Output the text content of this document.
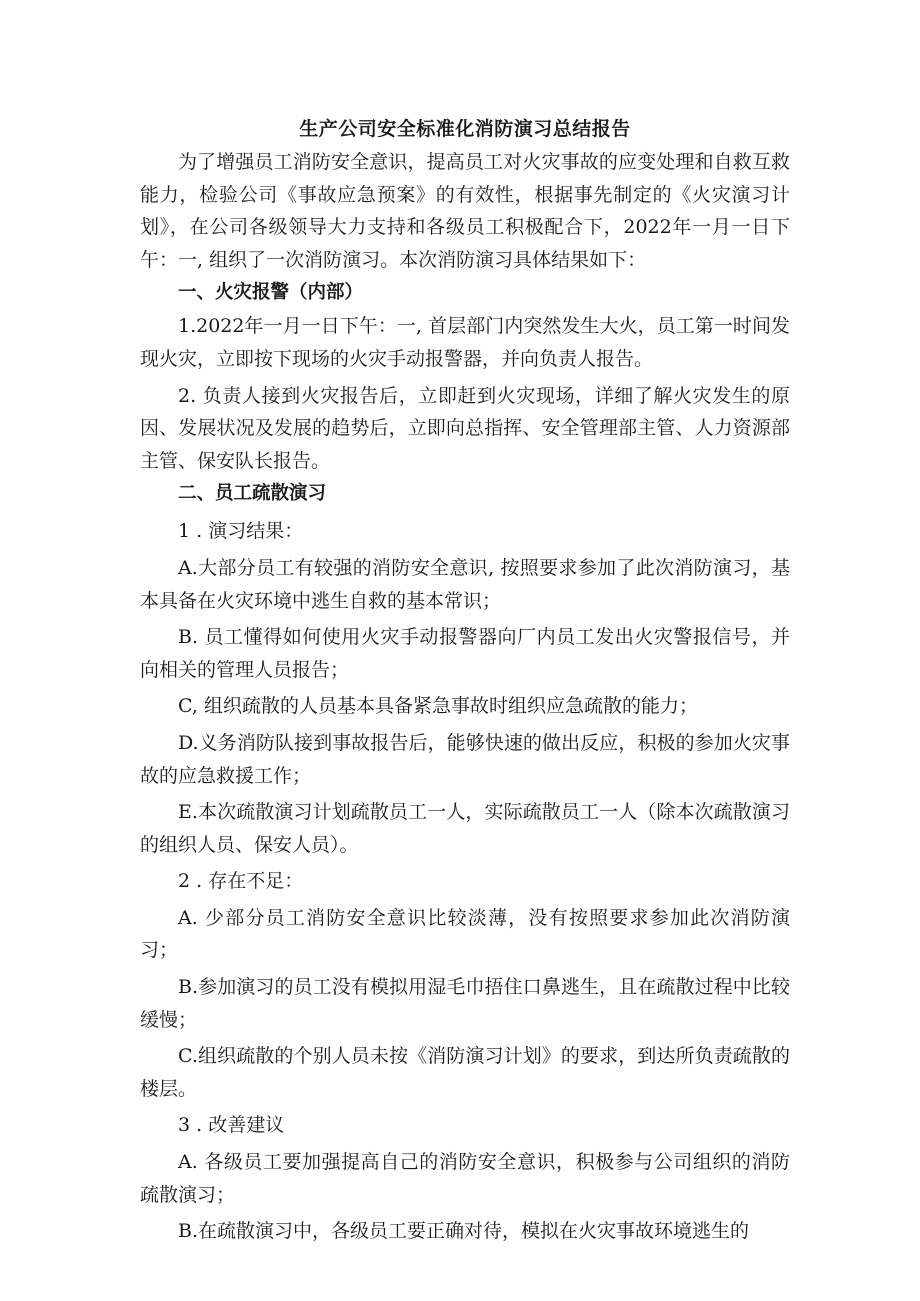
生产公司安全标准化消防演习总结报告

为了增强员工消防安全意识，提高员工对火灾事故的应变处理和自救互救能力，检验公司《事故应急预案》的有效性，根据事先制定的《火灾演习计划》，在公司各级领导大力支持和各级员工积极配合下，2022年一月一日下午：一, 组织了一次消防演习。本次消防演习具体结果如下：

一、火灾报警（内部）

1.2022年一月一日下午：一, 首层部门内突然发生大火，员工第一时间发现火灾，立即按下现场的火灾手动报警器，并向负责人报告。

2. 负责人接到火灾报告后，立即赶到火灾现场，详细了解火灾发生的原因、发展状况及发展的趋势后，立即向总指挥、安全管理部主管、人力资源部主管、保安队长报告。

二、员工疏散演习

1 . 演习结果：

A.大部分员工有较强的消防安全意识, 按照要求参加了此次消防演习，基本具备在火灾环境中逃生自救的基本常识；

B. 员工懂得如何使用火灾手动报警器向厂内员工发出火灾警报信号，并向相关的管理人员报告；

C, 组织疏散的人员基本具备紧急事故时组织应急疏散的能力；

D.义务消防队接到事故报告后，能够快速的做出反应，积极的参加火灾事故的应急救援工作；

E.本次疏散演习计划疏散员工一人，实际疏散员工一人（除本次疏散演习的组织人员、保安人员）。

2 . 存在不足：

A. 少部分员工消防安全意识比较淡薄，没有按照要求参加此次消防演习；

B.参加演习的员工没有模拟用湿毛巾捂住口鼻逃生，且在疏散过程中比较缓慢；

C.组织疏散的个别人员未按《消防演习计划》的要求，到达所负责疏散的楼层。

3 . 改善建议

A. 各级员工要加强提高自己的消防安全意识，积极参与公司组织的消防疏散演习；

B.在疏散演习中，各级员工要正确对待，模拟在火灾事故环境逃生的
